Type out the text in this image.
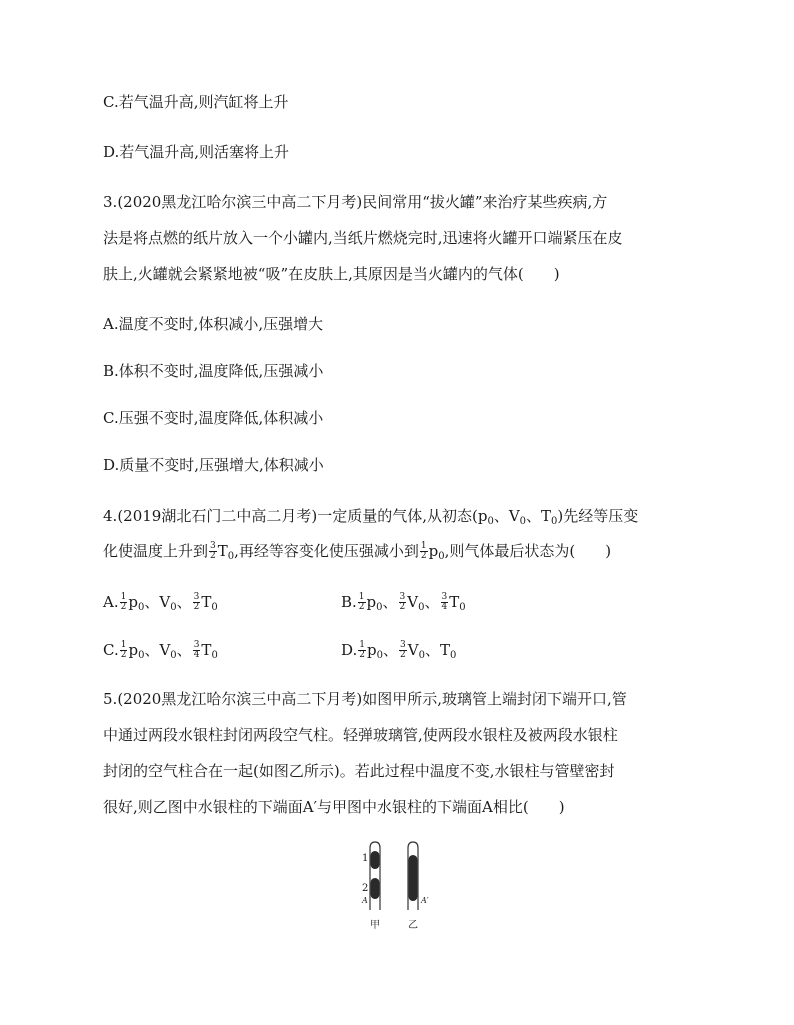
C.若气温升高,则汽缸将上升
D.若气温升高,则活塞将上升
3.(2020黑龙江哈尔滨三中高二下月考)民间常用“拔火罐”来治疗某些疾病,方
法是将点燃的纸片放入一个小罐内,当纸片燃烧完时,迅速将火罐开口端紧压在皮
肤上,火罐就会紧紧地被“吸”在皮肤上,其原因是当火罐内的气体(　　)
A.温度不变时,体积减小,压强增大
B.体积不变时,温度降低,压强减小
C.压强不变时,温度降低,体积减小
D.质量不变时,压强增大,体积减小
4.(2019湖北石门二中高二月考)一定质量的气体,从初态($p_0$、$V_0$、$T_0$)先经等压变
化使温度上升到 $\frac{3}{2} T_0$,再经等容变化使压强减小到 $\frac{1}{2} p_0$,则气体最后状态为(　　)
A. $\frac{1}{2} p_0$、$V_0$、 $\frac{3}{2} T_0$	B. $\frac{1}{2} p_0$、 $\frac{3}{2} V_0$、 $\frac{3}{4} T_0$
C. $\frac{1}{2} p_0$、$V_0$、 $\frac{3}{4} T_0$	D. $\frac{1}{2} p_0$、 $\frac{3}{2} V_0$、$T_0$
5.(2020黑龙江哈尔滨三中高二下月考)如图甲所示,玻璃管上端封闭下端开口,管
中通过两段水银柱封闭两段空气柱。轻弹玻璃管,使两段水银柱及被两段水银柱
封闭的空气柱合在一起(如图乙所示)。若此过程中温度不变,水银柱与管壁密封
很好,则乙图中水银柱的下端面A′与甲图中水银柱的下端面A相比(　　)
1
2
A	A′
甲	乙
